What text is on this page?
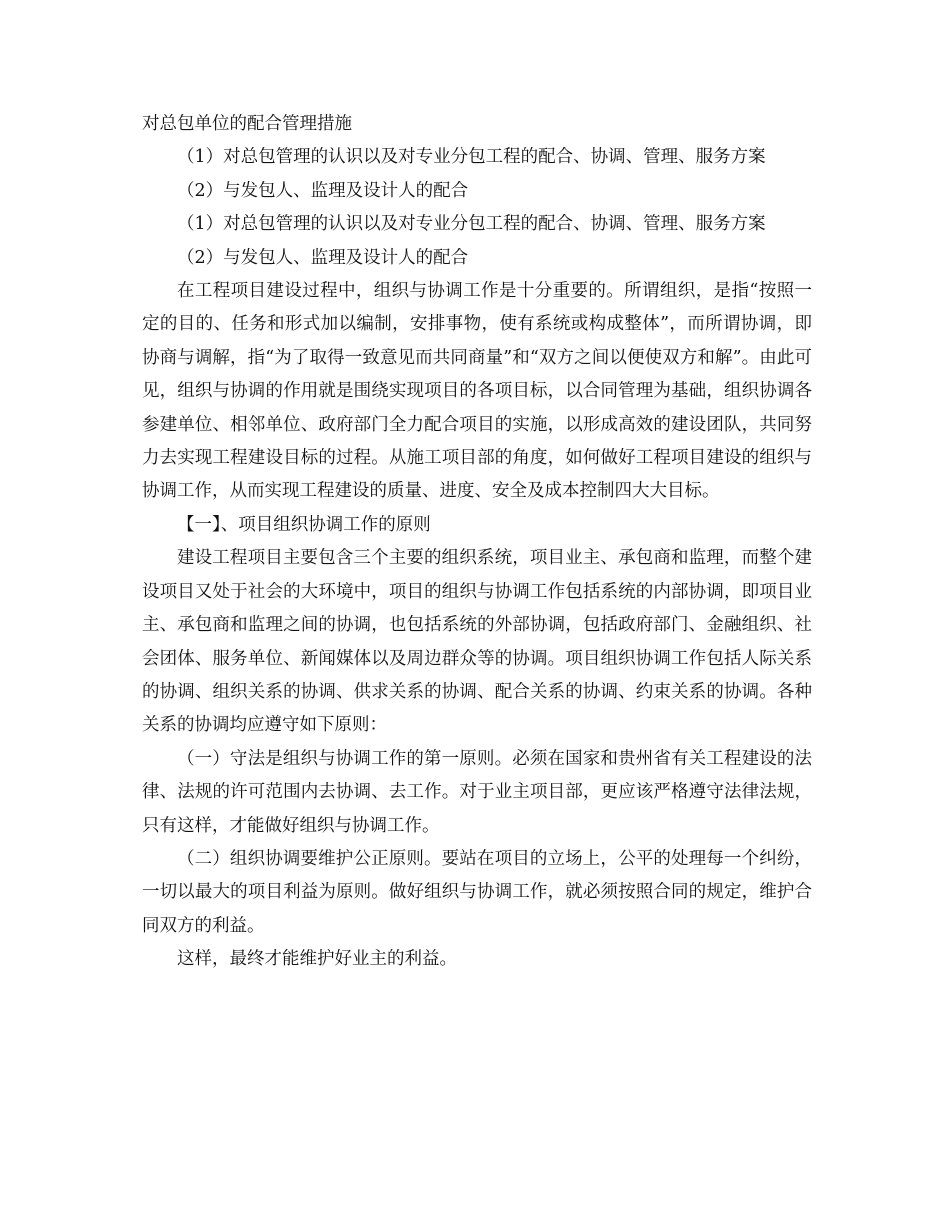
对总包单位的配合管理措施

（1）对总包管理的认识以及对专业分包工程的配合、协调、管理、服务方案

（2）与发包人、监理及设计人的配合

（1）对总包管理的认识以及对专业分包工程的配合、协调、管理、服务方案

（2）与发包人、监理及设计人的配合

在工程项目建设过程中，组织与协调工作是十分重要的。所谓组织，是指“按照一定的目的、任务和形式加以编制，安排事物，使有系统或构成整体”，而所谓协调，即协商与调解，指“为了取得一致意见而共同商量”和“双方之间以便使双方和解”。由此可见，组织与协调的作用就是围绕实现项目的各项目标，以合同管理为基础，组织协调各参建单位、相邻单位、政府部门全力配合项目的实施，以形成高效的建设团队，共同努力去实现工程建设目标的过程。从施工项目部的角度，如何做好工程项目建设的组织与协调工作，从而实现工程建设的质量、进度、安全及成本控制四大大目标。

【一】、项目组织协调工作的原则

建设工程项目主要包含三个主要的组织系统，项目业主、承包商和监理，而整个建设项目又处于社会的大环境中，项目的组织与协调工作包括系统的内部协调，即项目业主、承包商和监理之间的协调，也包括系统的外部协调，包括政府部门、金融组织、社会团体、服务单位、新闻媒体以及周边群众等的协调。项目组织协调工作包括人际关系的协调、组织关系的协调、供求关系的协调、配合关系的协调、约束关系的协调。各种关系的协调均应遵守如下原则：

（一）守法是组织与协调工作的第一原则。必须在国家和贵州省有关工程建设的法律、法规的许可范围内去协调、去工作。对于业主项目部，更应该严格遵守法律法规，只有这样，才能做好组织与协调工作。

（二）组织协调要维护公正原则。要站在项目的立场上，公平的处理每一个纠纷，一切以最大的项目利益为原则。做好组织与协调工作，就必须按照合同的规定，维护合同双方的利益。

这样，最终才能维护好业主的利益。
